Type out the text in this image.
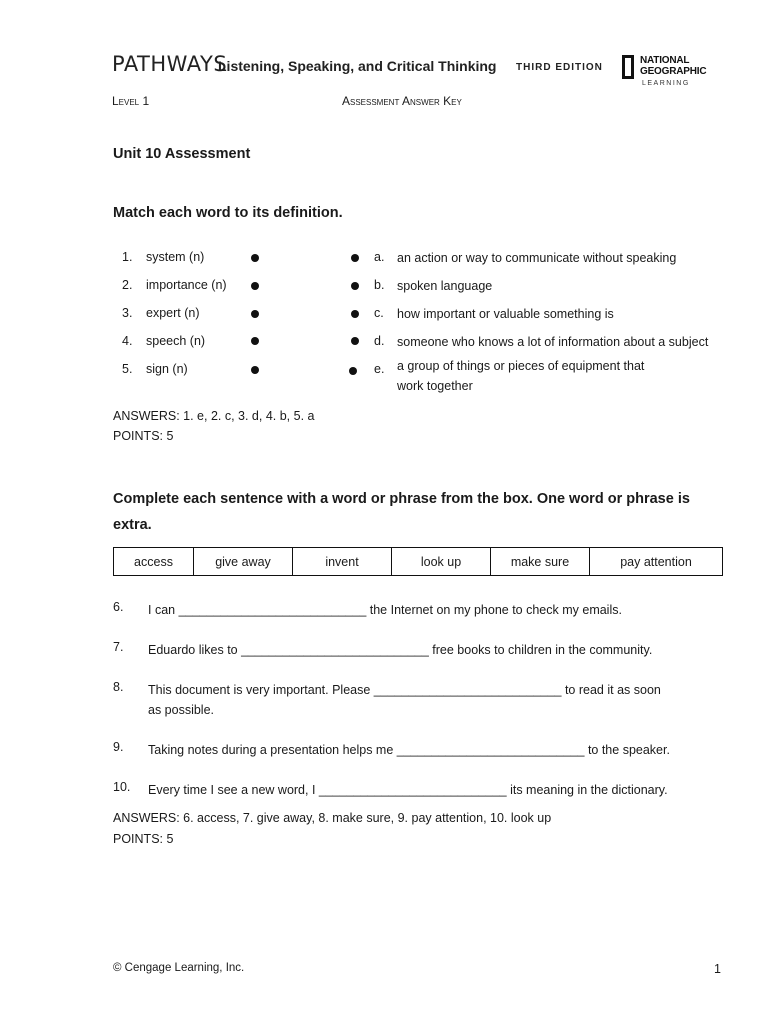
PATHWAYS
Listening, Speaking, and Critical Thinking THIRD EDITION
NATIONAL
GEOGRAPHIC
LEARNING
Level 1	Assessment Answer Key
Unit 10 Assessment
Match each word to its definition.
1. system (n)	a. an action or way to communicate without speaking
2. importance (n)	b. spoken language
3. expert (n)	c. how important or valuable something is
4. speech (n)	d. someone who knows a lot of information about a subject
5. sign (n)	e. a group of things or pieces of equipment that work together
ANSWERS: 1. e, 2. c, 3. d, 4. b, 5. a
POINTS: 5
Complete each sentence with a word or phrase from the box. One word or phrase is extra.
access	give away	invent	look up	make sure	pay attention
6. I can ___________________________ the Internet on my phone to check my emails.
7. Eduardo likes to ___________________________ free books to children in the community.
8. This document is very important. Please ___________________________ to read it as soon as possible.
9. Taking notes during a presentation helps me ___________________________ to the speaker.
10. Every time I see a new word, I ___________________________ its meaning in the dictionary.
ANSWERS: 6. access, 7. give away, 8. make sure, 9. pay attention, 10. look up
POINTS: 5
© Cengage Learning, Inc.	1
